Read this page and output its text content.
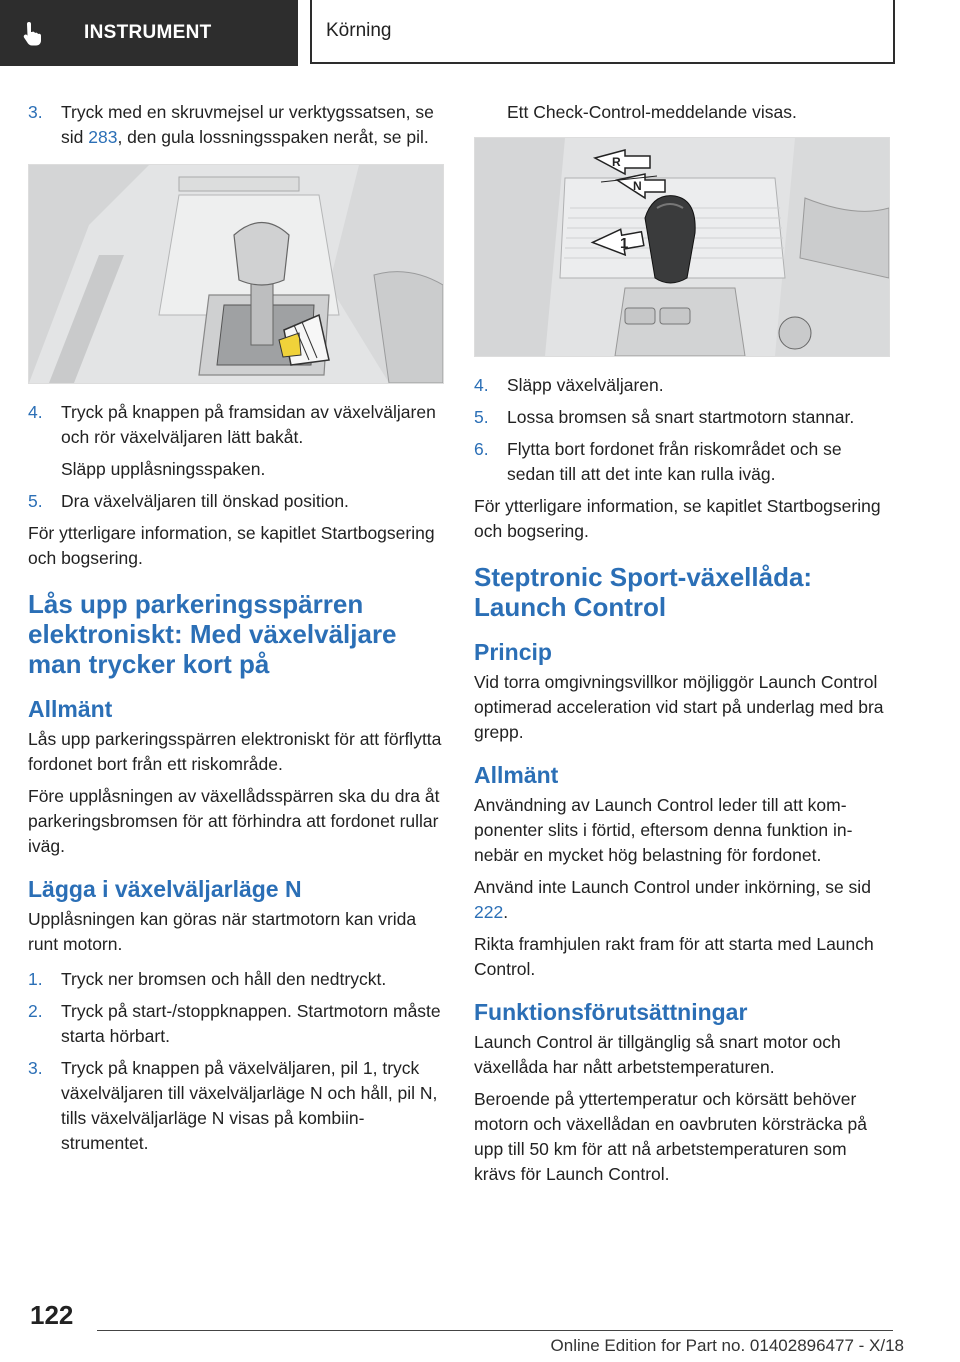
INSTRUMENT	Körning
3.	Tryck med en skruvmejsel ur verktygssatsen, se sid 283, den gula lossningsspaken neråt, se pil.
4.	Tryck på knappen på framsidan av växelväljaren och rör växelväljaren lätt bakåt.
Släpp upplåsningsspaken.
5.	Dra växelväljaren till önskad position.
För ytterligare information, se kapitlet Startbogsering och bogsering.
Lås upp parkeringsspärren elektroniskt: Med växelväljare man trycker kort på
Allmänt
Lås upp parkeringsspärren elektroniskt för att förflytta fordonet bort från ett riskområde.
Före upplåsningen av växellådsspärren ska du dra åt parkeringsbromsen för att förhindra att fordonet rullar iväg.
Lägga i växelväljarläge N
Upplåsningen kan göras när startmotorn kan vrida runt motorn.
1.	Tryck ner bromsen och håll den nedtryckt.
2.	Tryck på start-/stoppknappen. Startmotorn måste starta hörbart.
3.	Tryck på knappen på växelväljaren, pil 1, tryck växelväljaren till växelväljarläge N och håll, pil N, tills växelväljarläge N visas på kombiinstrumentet.
Ett Check-Control-meddelande visas.
R
N
1
4.	Släpp växelväljaren.
5.	Lossa bromsen så snart startmotorn stannar.
6.	Flytta bort fordonet från riskområdet och se sedan till att det inte kan rulla iväg.
För ytterligare information, se kapitlet Startbogsering och bogsering.
Steptronic Sport-växellåda: Launch Control
Princip
Vid torra omgivningsvillkor möjliggör Launch Control optimerad acceleration vid start på underlag med bra grepp.
Allmänt
Användning av Launch Control leder till att komponenter slits i förtid, eftersom denna funktion innebär en mycket hög belastning för fordonet.
Använd inte Launch Control under inkörning, se sid 222.
Rikta framhjulen rakt fram för att starta med Launch Control.
Funktionsförutsättningar
Launch Control är tillgänglig så snart motor och växellåda har nått arbetstemperaturen.
Beroende på yttertemperatur och körsätt behöver motorn och växellådan en oavbruten körsträcka på upp till 50 km för att nå arbetstemperaturen som krävs för Launch Control.
122
Online Edition for Part no. 01402896477 - X/18
